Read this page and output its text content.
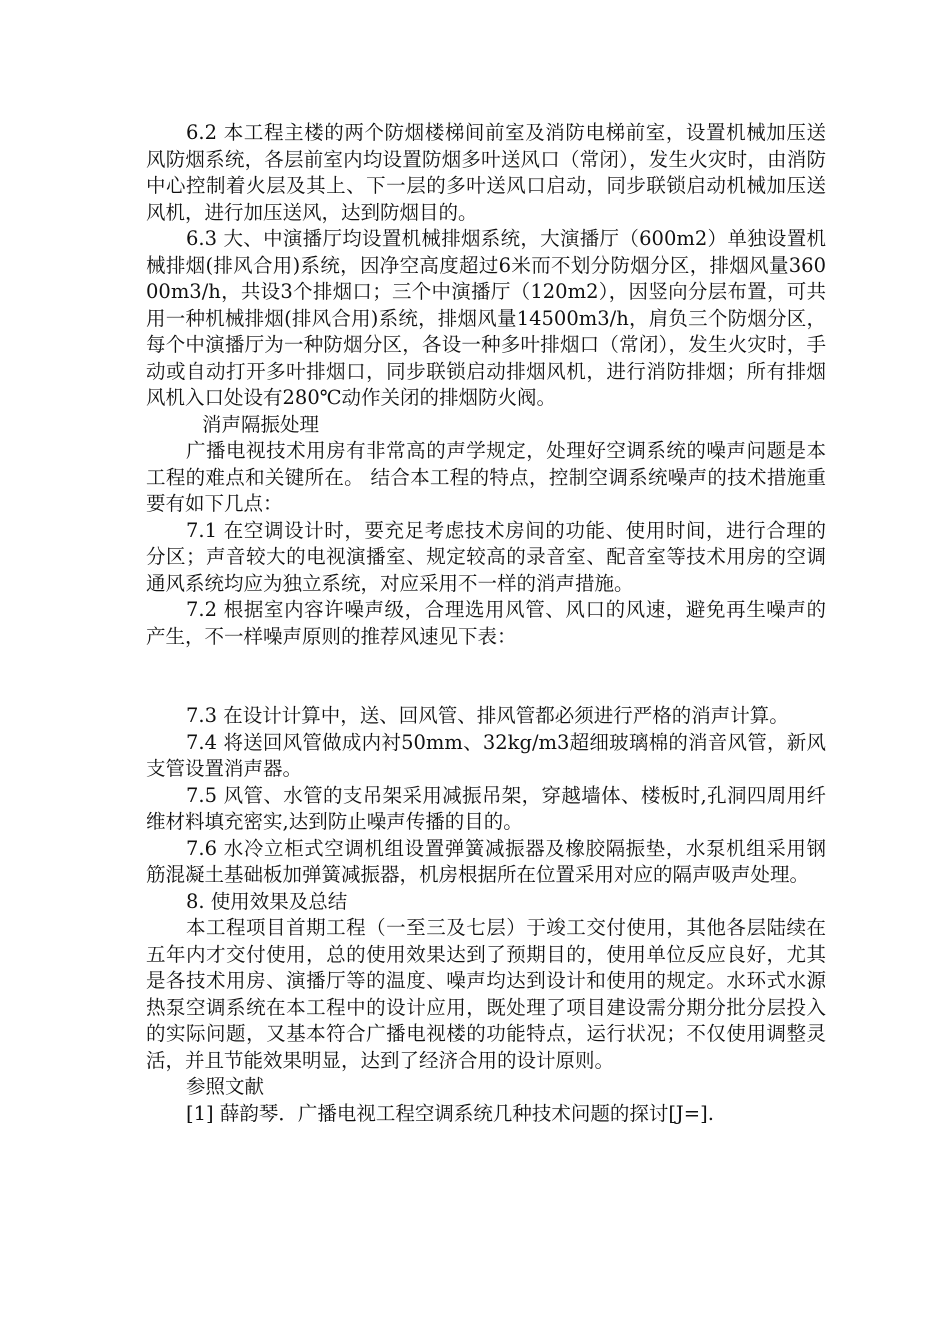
6.2 本工程主楼的两个防烟楼梯间前室及消防电梯前室，设置机械加压送风防烟系统，各层前室内均设置防烟多叶送风口（常闭），发生火灾时，由消防中心控制着火层及其上、下一层的多叶送风口启动，同步联锁启动机械加压送风机，进行加压送风，达到防烟目的。

6.3 大、中演播厅均设置机械排烟系统，大演播厅（600m2）单独设置机械排烟(排风合用)系统，因净空高度超过6米而不划分防烟分区，排烟风量36000m3/h，共设3个排烟口；三个中演播厅（120m2），因竖向分层布置，可共用一种机械排烟(排风合用)系统，排烟风量14500m3/h，肩负三个防烟分区，每个中演播厅为一种防烟分区，各设一种多叶排烟口（常闭），发生火灾时，手动或自动打开多叶排烟口，同步联锁启动排烟风机，进行消防排烟；所有排烟风机入口处设有280℃动作关闭的排烟防火阀。

消声隔振处理

广播电视技术用房有非常高的声学规定，处理好空调系统的噪声问题是本工程的难点和关键所在。 结合本工程的特点，控制空调系统噪声的技术措施重要有如下几点：

7.1 在空调设计时，要充足考虑技术房间的功能、使用时间，进行合理的分区；声音较大的电视演播室、规定较高的录音室、配音室等技术用房的空调通风系统均应为独立系统，对应采用不一样的消声措施。

7.2 根据室内容许噪声级，合理选用风管、风口的风速，避免再生噪声的产生，不一样噪声原则的推荐风速见下表：

7.3 在设计计算中，送、回风管、排风管都必须进行严格的消声计算。

7.4 将送回风管做成内衬50mm、32kg/m3超细玻璃棉的消音风管，新风支管设置消声器。

7.5 风管、水管的支吊架采用减振吊架，穿越墙体、楼板时,孔洞四周用纤维材料填充密实,达到防止噪声传播的目的。

7.6 水冷立柜式空调机组设置弹簧减振器及橡胶隔振垫，水泵机组采用钢筋混凝土基础板加弹簧减振器，机房根据所在位置采用对应的隔声吸声处理。

8. 使用效果及总结

本工程项目首期工程（一至三及七层）于竣工交付使用，其他各层陆续在五年内才交付使用，总的使用效果达到了预期目的，使用单位反应良好，尤其是各技术用房、演播厅等的温度、噪声均达到设计和使用的规定。水环式水源热泵空调系统在本工程中的设计应用，既处理了项目建设需分期分批分层投入的实际问题，又基本符合广播电视楼的功能特点，运行状况；不仅使用调整灵活，并且节能效果明显，达到了经济合用的设计原则。

参照文献

[1] 薛韵琴．广播电视工程空调系统几种技术问题的探讨[J=].
